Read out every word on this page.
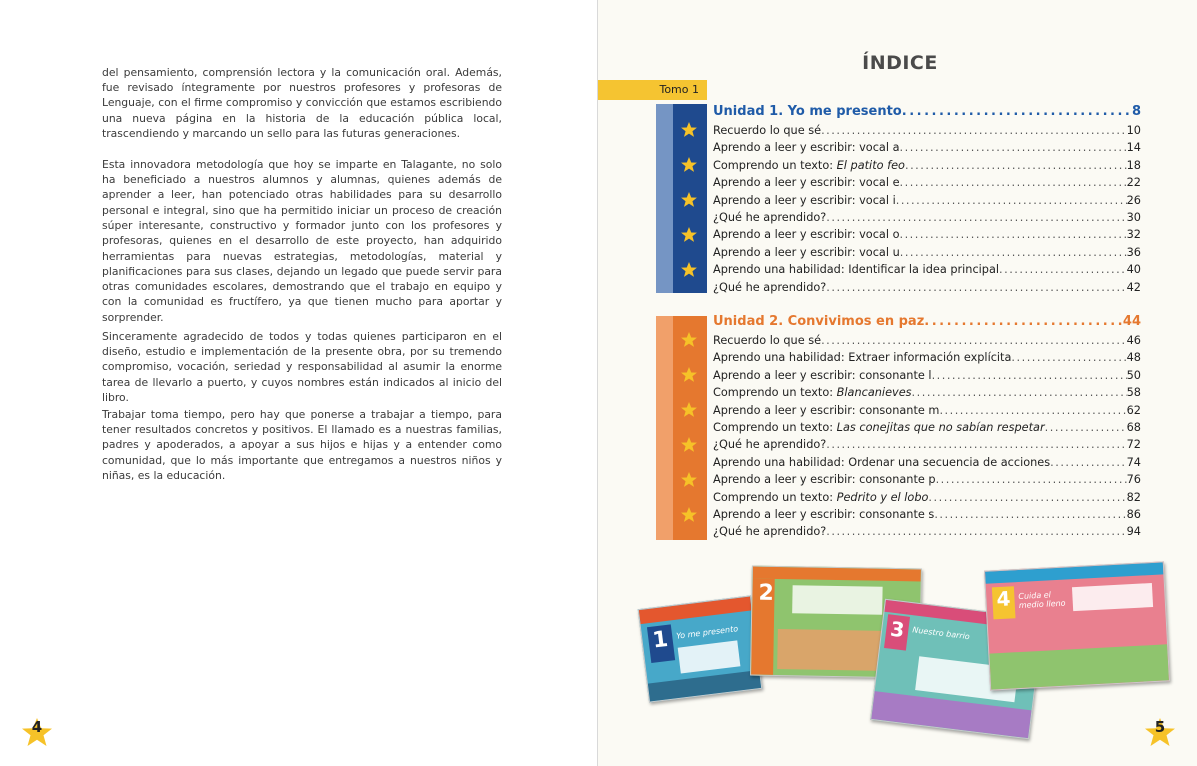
del pensamiento, comprensión lectora y la comunicación oral. Además, fue revisado íntegramente por nuestros profesores y profesoras de Lenguaje, con el firme compromiso y convicción que estamos escribiendo una nueva página en la historia de la educación pública local, trascendiendo y marcando un sello para las futuras generaciones.

Esta innovadora metodología que hoy se imparte en Talagante, no solo ha beneficiado a nuestros alumnos y alumnas, quienes además de aprender a leer, han potenciado otras habilidades para su desarrollo personal e integral, sino que ha permitido iniciar un proceso de creación súper interesante, constructivo y formador junto con los profesores y profesoras, quienes en el desarrollo de este proyecto, han adquirido herramientas para nuevas estrategias, metodologías, material y planificaciones para sus clases, dejando un legado que puede servir para otras comunidades escolares, demostrando que el trabajo en equipo y con la comunidad es fructífero, ya que tienen mucho para aportar y sorprender.

Sinceramente agradecido de todos y todas quienes participaron en el diseño, estudio e implementación de la presente obra, por su tremendo compromiso, vocación, seriedad y responsabilidad al asumir la enorme tarea de llevarlo a puerto, y cuyos nombres están indicados al inicio del libro.

Trabajar toma tiempo, pero hay que ponerse a trabajar a tiempo, para tener resultados concretos y positivos. El llamado es a nuestras familias, padres y apoderados, a apoyar a sus hijos e hijas y a entender como comunidad, que lo más importante que entregamos a nuestros niños y niñas, es la educación.

4	5
ÍNDICE
Tomo 1
Unidad 1. Yo me presento .....	8
Recuerdo lo que sé .....	10
Aprendo a leer y escribir: vocal a .....	14
Comprendo un texto: El patito feo .....	18
Aprendo a leer y escribir: vocal e .....	22
Aprendo a leer y escribir: vocal i .....	26
¿Qué he aprendido? .....	30
Aprendo a leer y escribir: vocal o .....	32
Aprendo a leer y escribir: vocal u .....	36
Aprendo una habilidad: Identificar la idea principal .....	40
¿Qué he aprendido? .....	42
Unidad 2. Convivimos en paz .....	44
Recuerdo lo que sé .....	46
Aprendo una habilidad: Extraer información explícita .....	48
Aprendo a leer y escribir: consonante l .....	50
Comprendo un texto: Blancanieves .....	58
Aprendo a leer y escribir: consonante m .....	62
Comprendo un texto: Las conejitas que no sabían respetar .....	68
¿Qué he aprendido? .....	72
Aprendo una habilidad: Ordenar una secuencia de acciones .....	74
Aprendo a leer y escribir: consonante p .....	76
Comprendo un texto: Pedrito y el lobo .....	82
Aprendo a leer y escribir: consonante s .....	86
¿Qué he aprendido? .....	94
1 Yo me presento
2
3 Nuestro barrio
4 Cuida el medio lleno
